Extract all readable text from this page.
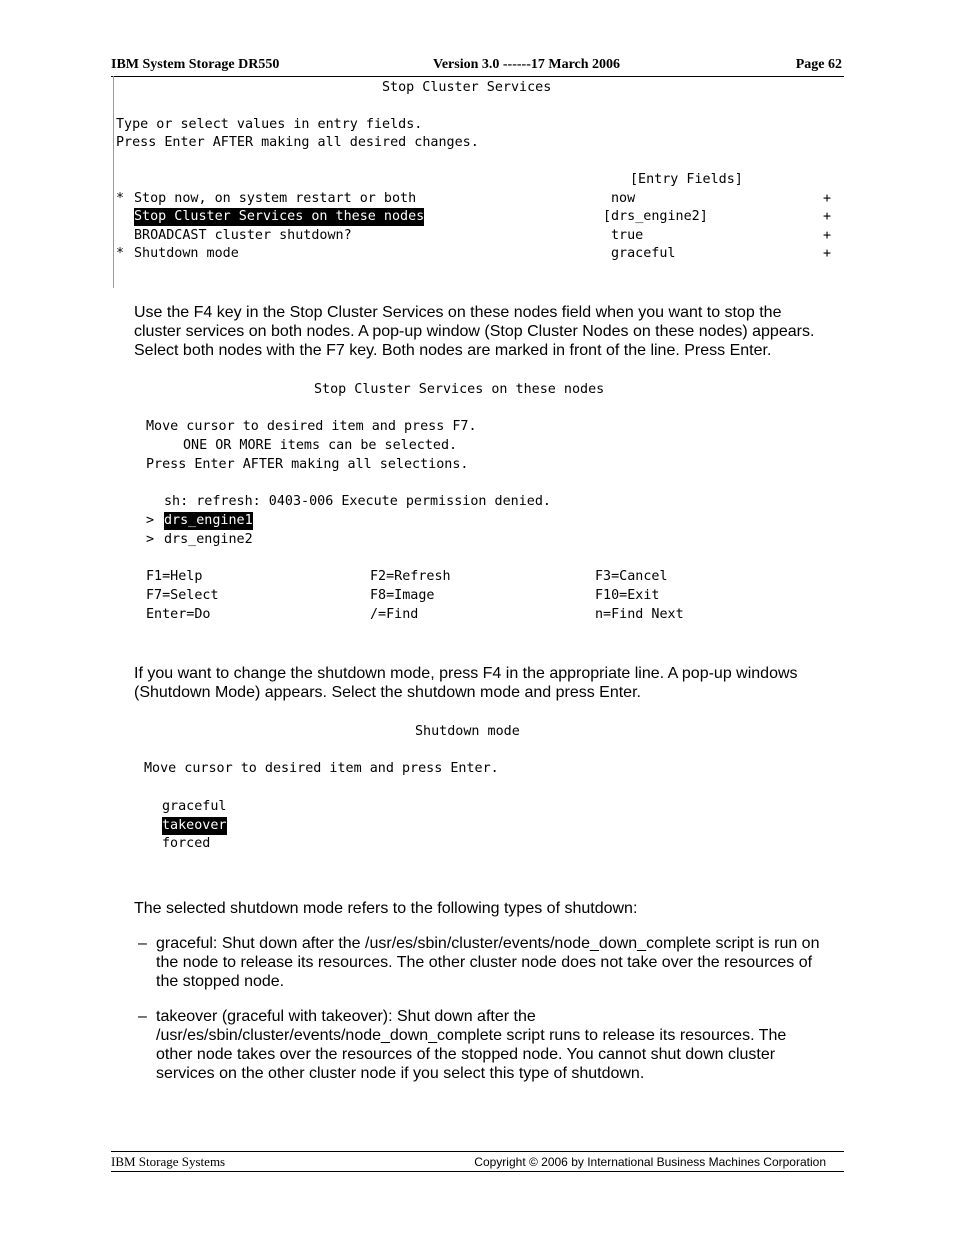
IBM System Storage DR550	Version 3.0 ------17 March 2006	Page 62
Stop Cluster Services
Type or select values in entry fields.
Press Enter AFTER making all desired changes.
[Entry Fields]
* Stop now, on system restart or both	now	+
Stop Cluster Services on these nodes	[drs_engine2]	+
BROADCAST cluster shutdown?	true	+
* Shutdown mode	graceful	+
Use the F4 key in the Stop Cluster Services on these nodes field when you want to stop the
cluster services on both nodes. A pop-up window (Stop Cluster Nodes on these nodes) appears.
Select both nodes with the F7 key. Both nodes are marked in front of the line. Press Enter.
Stop Cluster Services on these nodes
Move cursor to desired item and press F7.
ONE OR MORE items can be selected.
Press Enter AFTER making all selections.
sh: refresh: 0403-006 Execute permission denied.
> drs_engine1
> drs_engine2
F1=Help	F2=Refresh	F3=Cancel
F7=Select	F8=Image	F10=Exit
Enter=Do	/=Find	n=Find Next
If you want to change the shutdown mode, press F4 in the appropriate line. A pop-up windows
(Shutdown Mode) appears. Select the shutdown mode and press Enter.
Shutdown mode
Move cursor to desired item and press Enter.
graceful
takeover
forced
The selected shutdown mode refers to the following types of shutdown:
– graceful: Shut down after the /usr/es/sbin/cluster/events/node_down_complete script is run on
the node to release its resources. The other cluster node does not take over the resources of
the stopped node.
– takeover (graceful with takeover): Shut down after the
/usr/es/sbin/cluster/events/node_down_complete script runs to release its resources. The
other node takes over the resources of the stopped node. You cannot shut down cluster
services on the other cluster node if you select this type of shutdown.
IBM Storage Systems	Copyright © 2006 by International Business Machines Corporation
